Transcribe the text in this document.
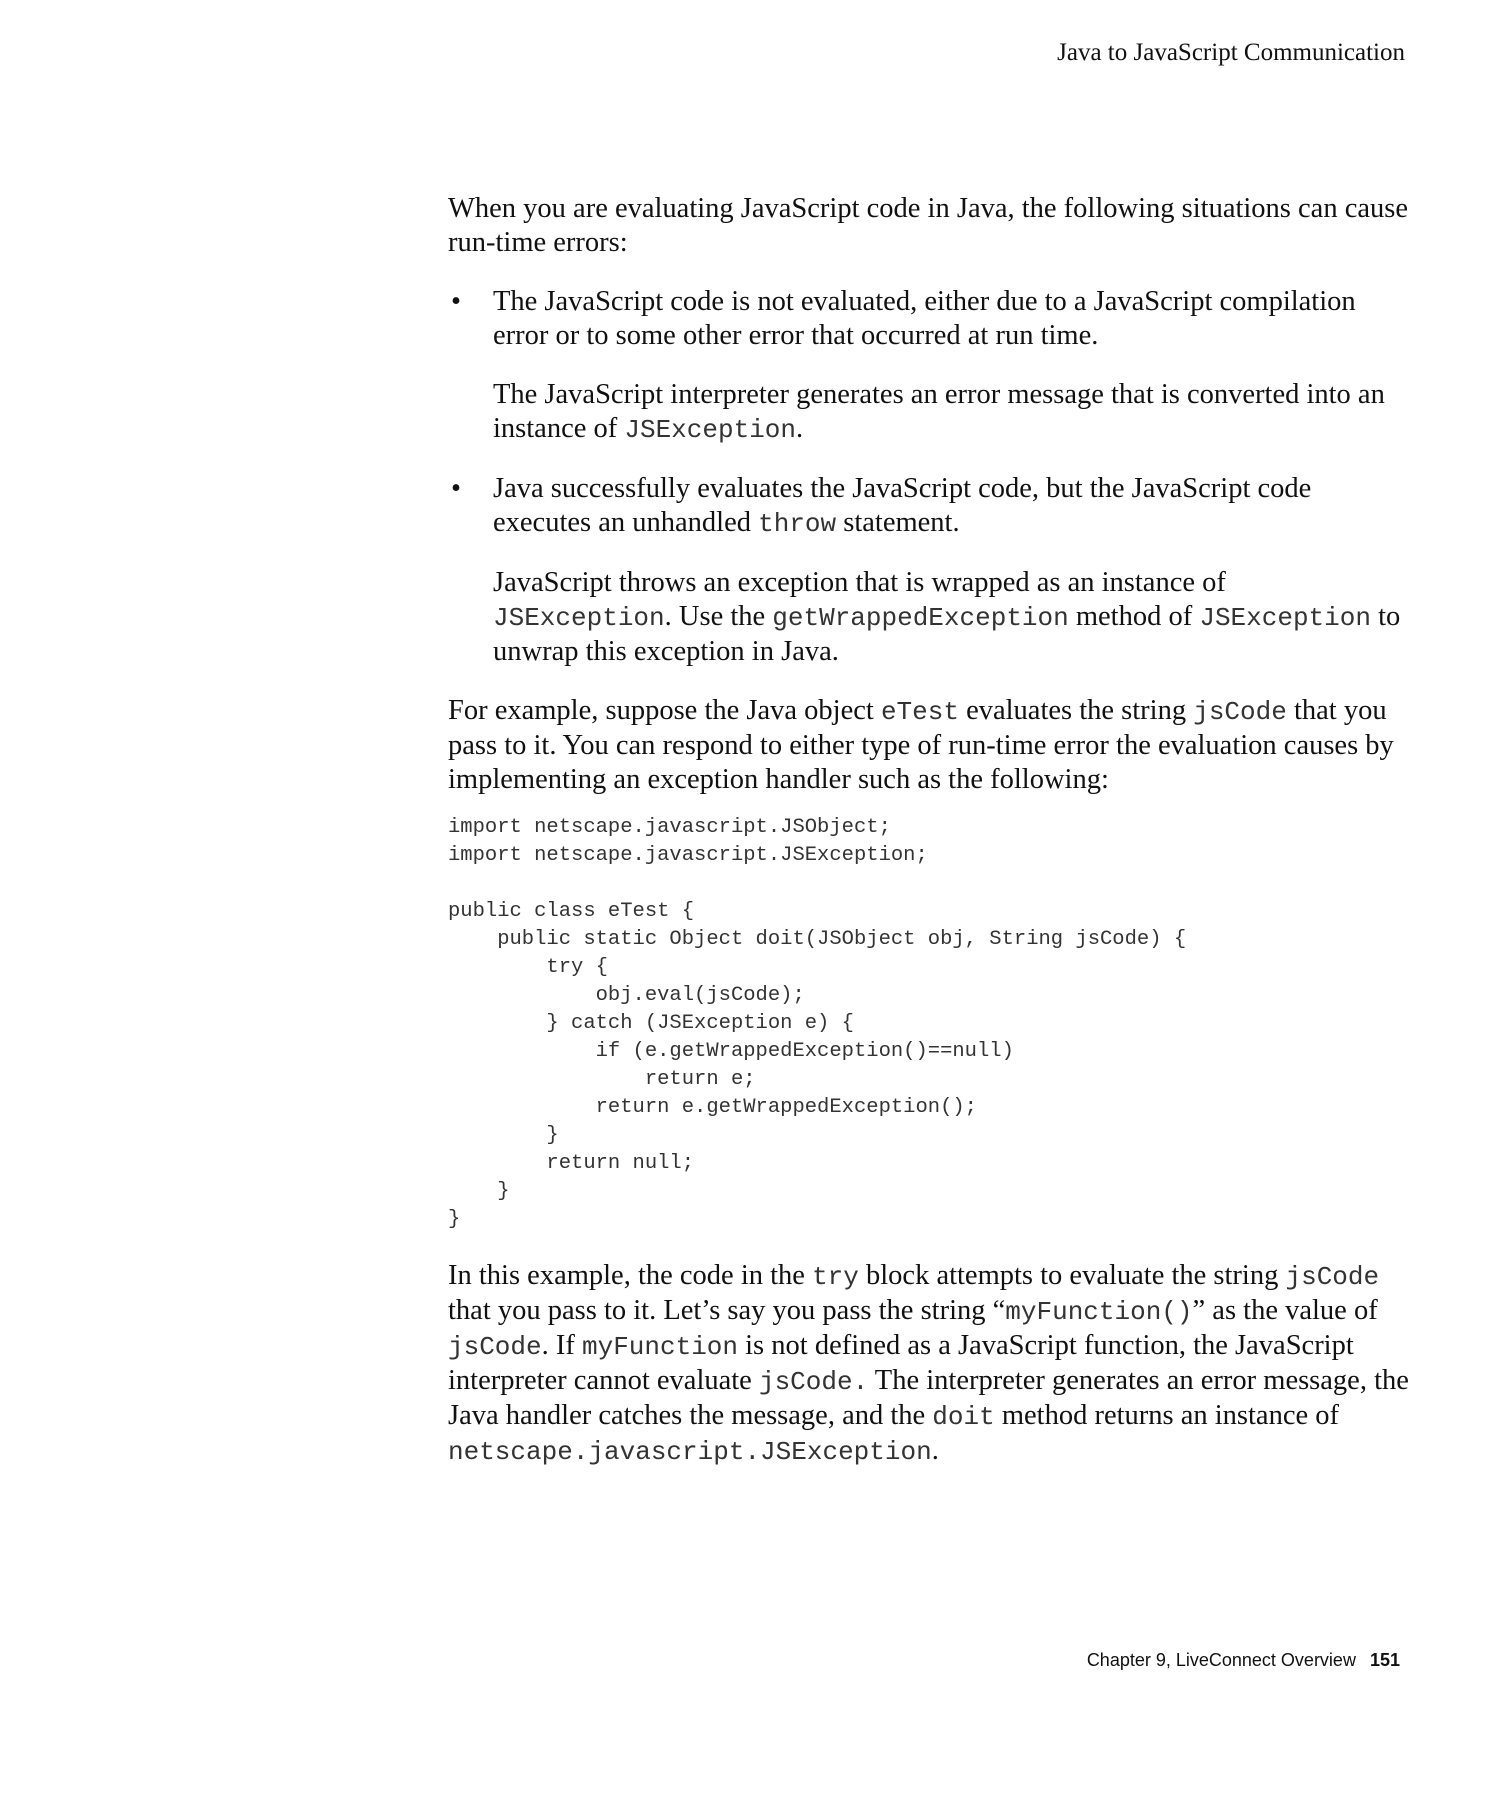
Java to JavaScript Communication

When you are evaluating JavaScript code in Java, the following situations can cause run-time errors:

• The JavaScript code is not evaluated, either due to a JavaScript compilation error or to some other error that occurred at run time.

The JavaScript interpreter generates an error message that is converted into an instance of JSException.

• Java successfully evaluates the JavaScript code, but the JavaScript code executes an unhandled throw statement.

JavaScript throws an exception that is wrapped as an instance of JSException. Use the getWrappedException method of JSException to unwrap this exception in Java.

For example, suppose the Java object eTest evaluates the string jsCode that you pass to it. You can respond to either type of run-time error the evaluation causes by implementing an exception handler such as the following:

import netscape.javascript.JSObject;
import netscape.javascript.JSException;
public class eTest {
public static Object doit(JSObject obj, String jsCode) {
try {
obj.eval(jsCode);
} catch (JSException e) {
if (e.getWrappedException()==null)
return e;
return e.getWrappedException();
}
return null;
}
}

In this example, the code in the try block attempts to evaluate the string jsCode that you pass to it. Let’s say you pass the string “myFunction()” as the value of jsCode. If myFunction is not defined as a JavaScript function, the JavaScript interpreter cannot evaluate jsCode. The interpreter generates an error message, the Java handler catches the message, and the doit method returns an instance of netscape.javascript.JSException.

Chapter 9, LiveConnect Overview 151
